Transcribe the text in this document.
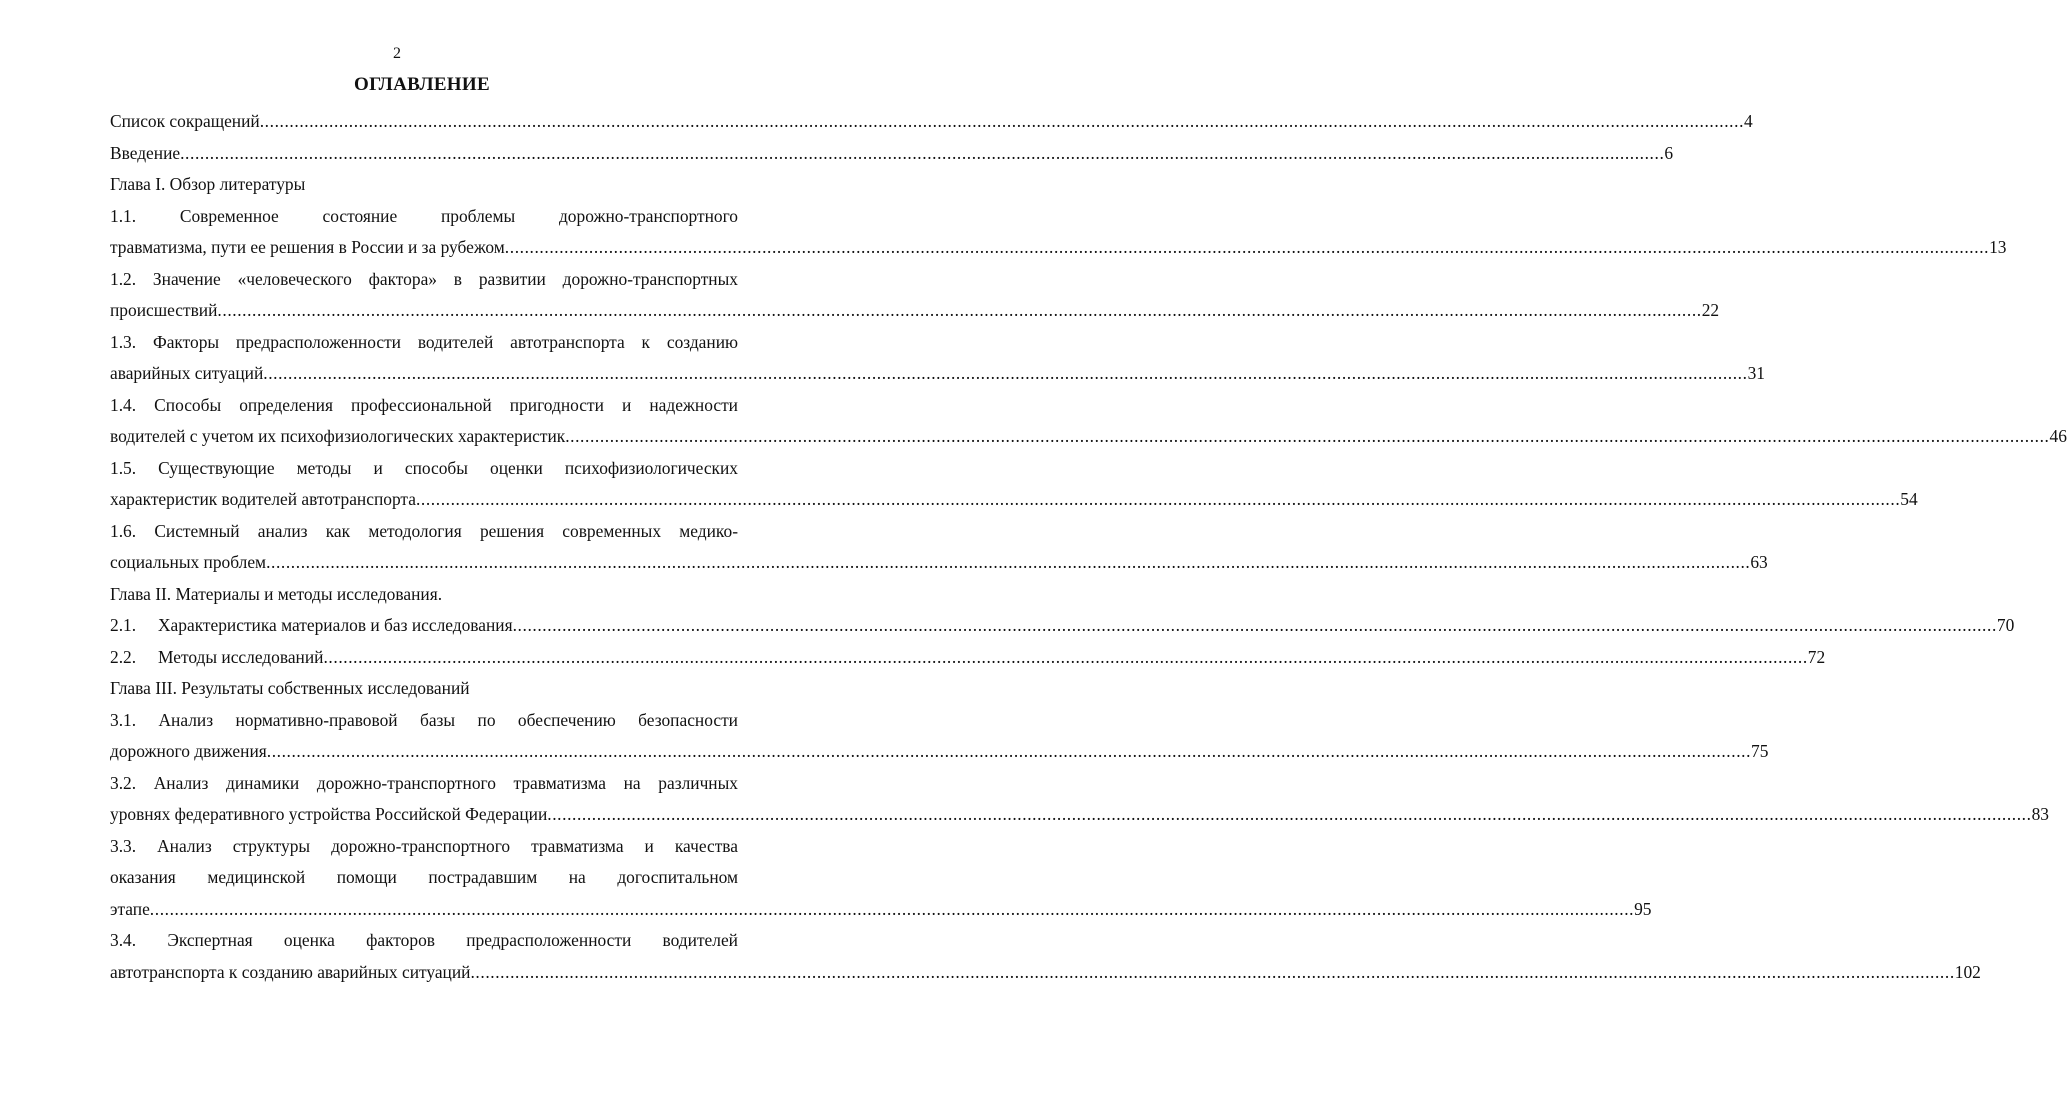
2
ОГЛАВЛЕНИЕ
Список сокращений ............................................................................................................................................................................................................................................................................................................ 4
Введение ............................................................................................................................................................................................................................................................................................................ 6
Глава I. Обзор литературы
1.1.	Современное состояние проблемы дорожно-транспортного
травматизма, пути ее решения в России и за рубежом ............................................................................................................................................................................................................................................................................................................ 13
1.2. Значение «человеческого фактора» в развитии дорожно-транспортных
происшествий ............................................................................................................................................................................................................................................................................................................ 22
1.3. Факторы предрасположенности водителей автотранспорта к созданию
аварийных ситуаций ............................................................................................................................................................................................................................................................................................................ 31
1.4. Способы определения профессиональной пригодности и надежности
водителей с учетом их психофизиологических характеристик ............................................................................................................................................................................................................................................................................................................ 46
1.5. Существующие методы и способы оценки психофизиологических
характеристик водителей автотранспорта ............................................................................................................................................................................................................................................................................................................ 54
1.6. Системный анализ как методология решения современных медико-
социальных проблем ............................................................................................................................................................................................................................................................................................................ 63
Глава II. Материалы и методы исследования.
2.1. Характеристика материалов и баз исследования ............................................................................................................................................................................................................................................................................................................ 70
2.2. Методы исследований ............................................................................................................................................................................................................................................................................................................ 72
Глава III. Результаты собственных исследований
3.1. Анализ нормативно-правовой базы по обеспечению безопасности
дорожного движения ............................................................................................................................................................................................................................................................................................................ 75
3.2. Анализ динамики дорожно-транспортного травматизма на различных
уровнях федеративного устройства Российской Федерации ............................................................................................................................................................................................................................................................................................................ 83
3.3. Анализ структуры дорожно-транспортного травматизма и качества
оказания медицинской помощи пострадавшим на догоспитальном
этапе ............................................................................................................................................................................................................................................................................................................ 95
3.4. Экспертная оценка факторов предрасположенности водителей
автотранспорта к созданию аварийных ситуаций ............................................................................................................................................................................................................................................................................................................ 102
